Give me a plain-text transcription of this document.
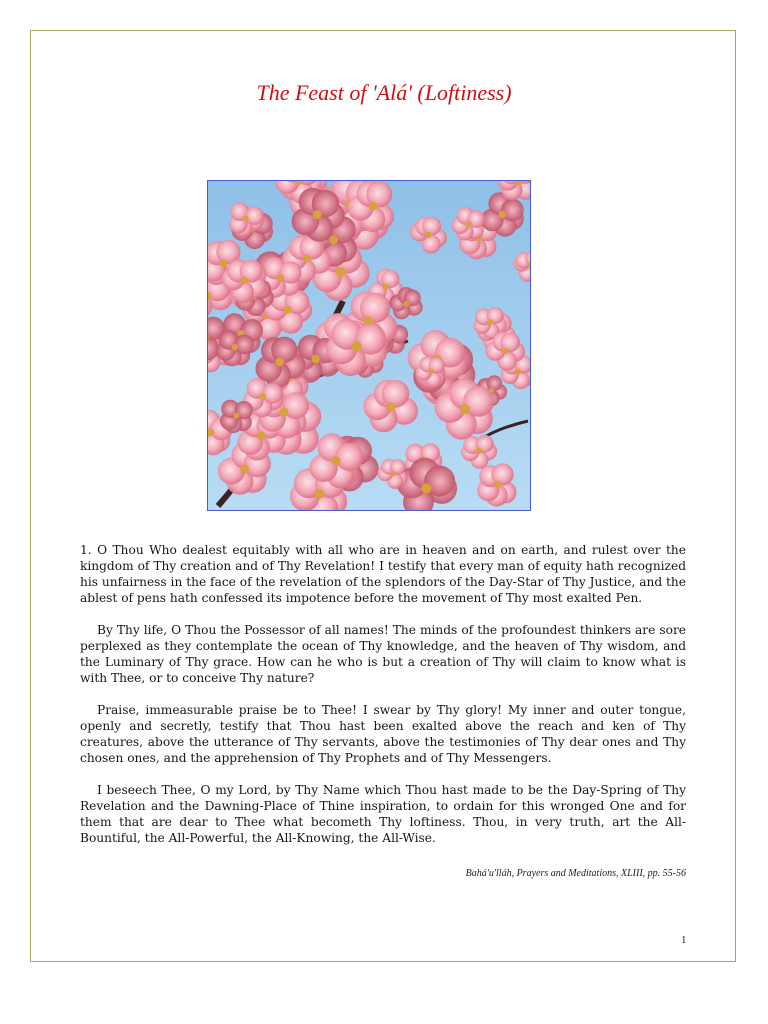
The Feast of 'Alá' (Loftiness)

1. O Thou Who dealest equitably with all who are in heaven and on earth, and rulest over the kingdom of Thy creation and of Thy Revelation! I testify that every man of equity hath recognized his unfairness in the face of the revelation of the splendors of the Day-Star of Thy Justice, and the ablest of pens hath confessed its impotence before the movement of Thy most exalted Pen.

By Thy life, O Thou the Possessor of all names! The minds of the profoundest thinkers are sore perplexed as they contemplate the ocean of Thy knowledge, and the heaven of Thy wisdom, and the Luminary of Thy grace. How can he who is but a creation of Thy will claim to know what is with Thee, or to conceive Thy nature?

Praise, immeasurable praise be to Thee! I swear by Thy glory! My inner and outer tongue, openly and secretly, testify that Thou hast been exalted above the reach and ken of Thy creatures, above the utterance of Thy servants, above the testimonies of Thy dear ones and Thy chosen ones, and the apprehension of Thy Prophets and of Thy Messengers.

I beseech Thee, O my Lord, by Thy Name which Thou hast made to be the Day-Spring of Thy Revelation and the Dawning-Place of Thine inspiration, to ordain for this wronged One and for them that are dear to Thee what becometh Thy loftiness. Thou, in very truth, art the All-Bountiful, the All-Powerful, the All-Knowing, the All-Wise.

Bahá'u'lláh, Prayers and Meditations, XLIII, pp. 55-56
1
